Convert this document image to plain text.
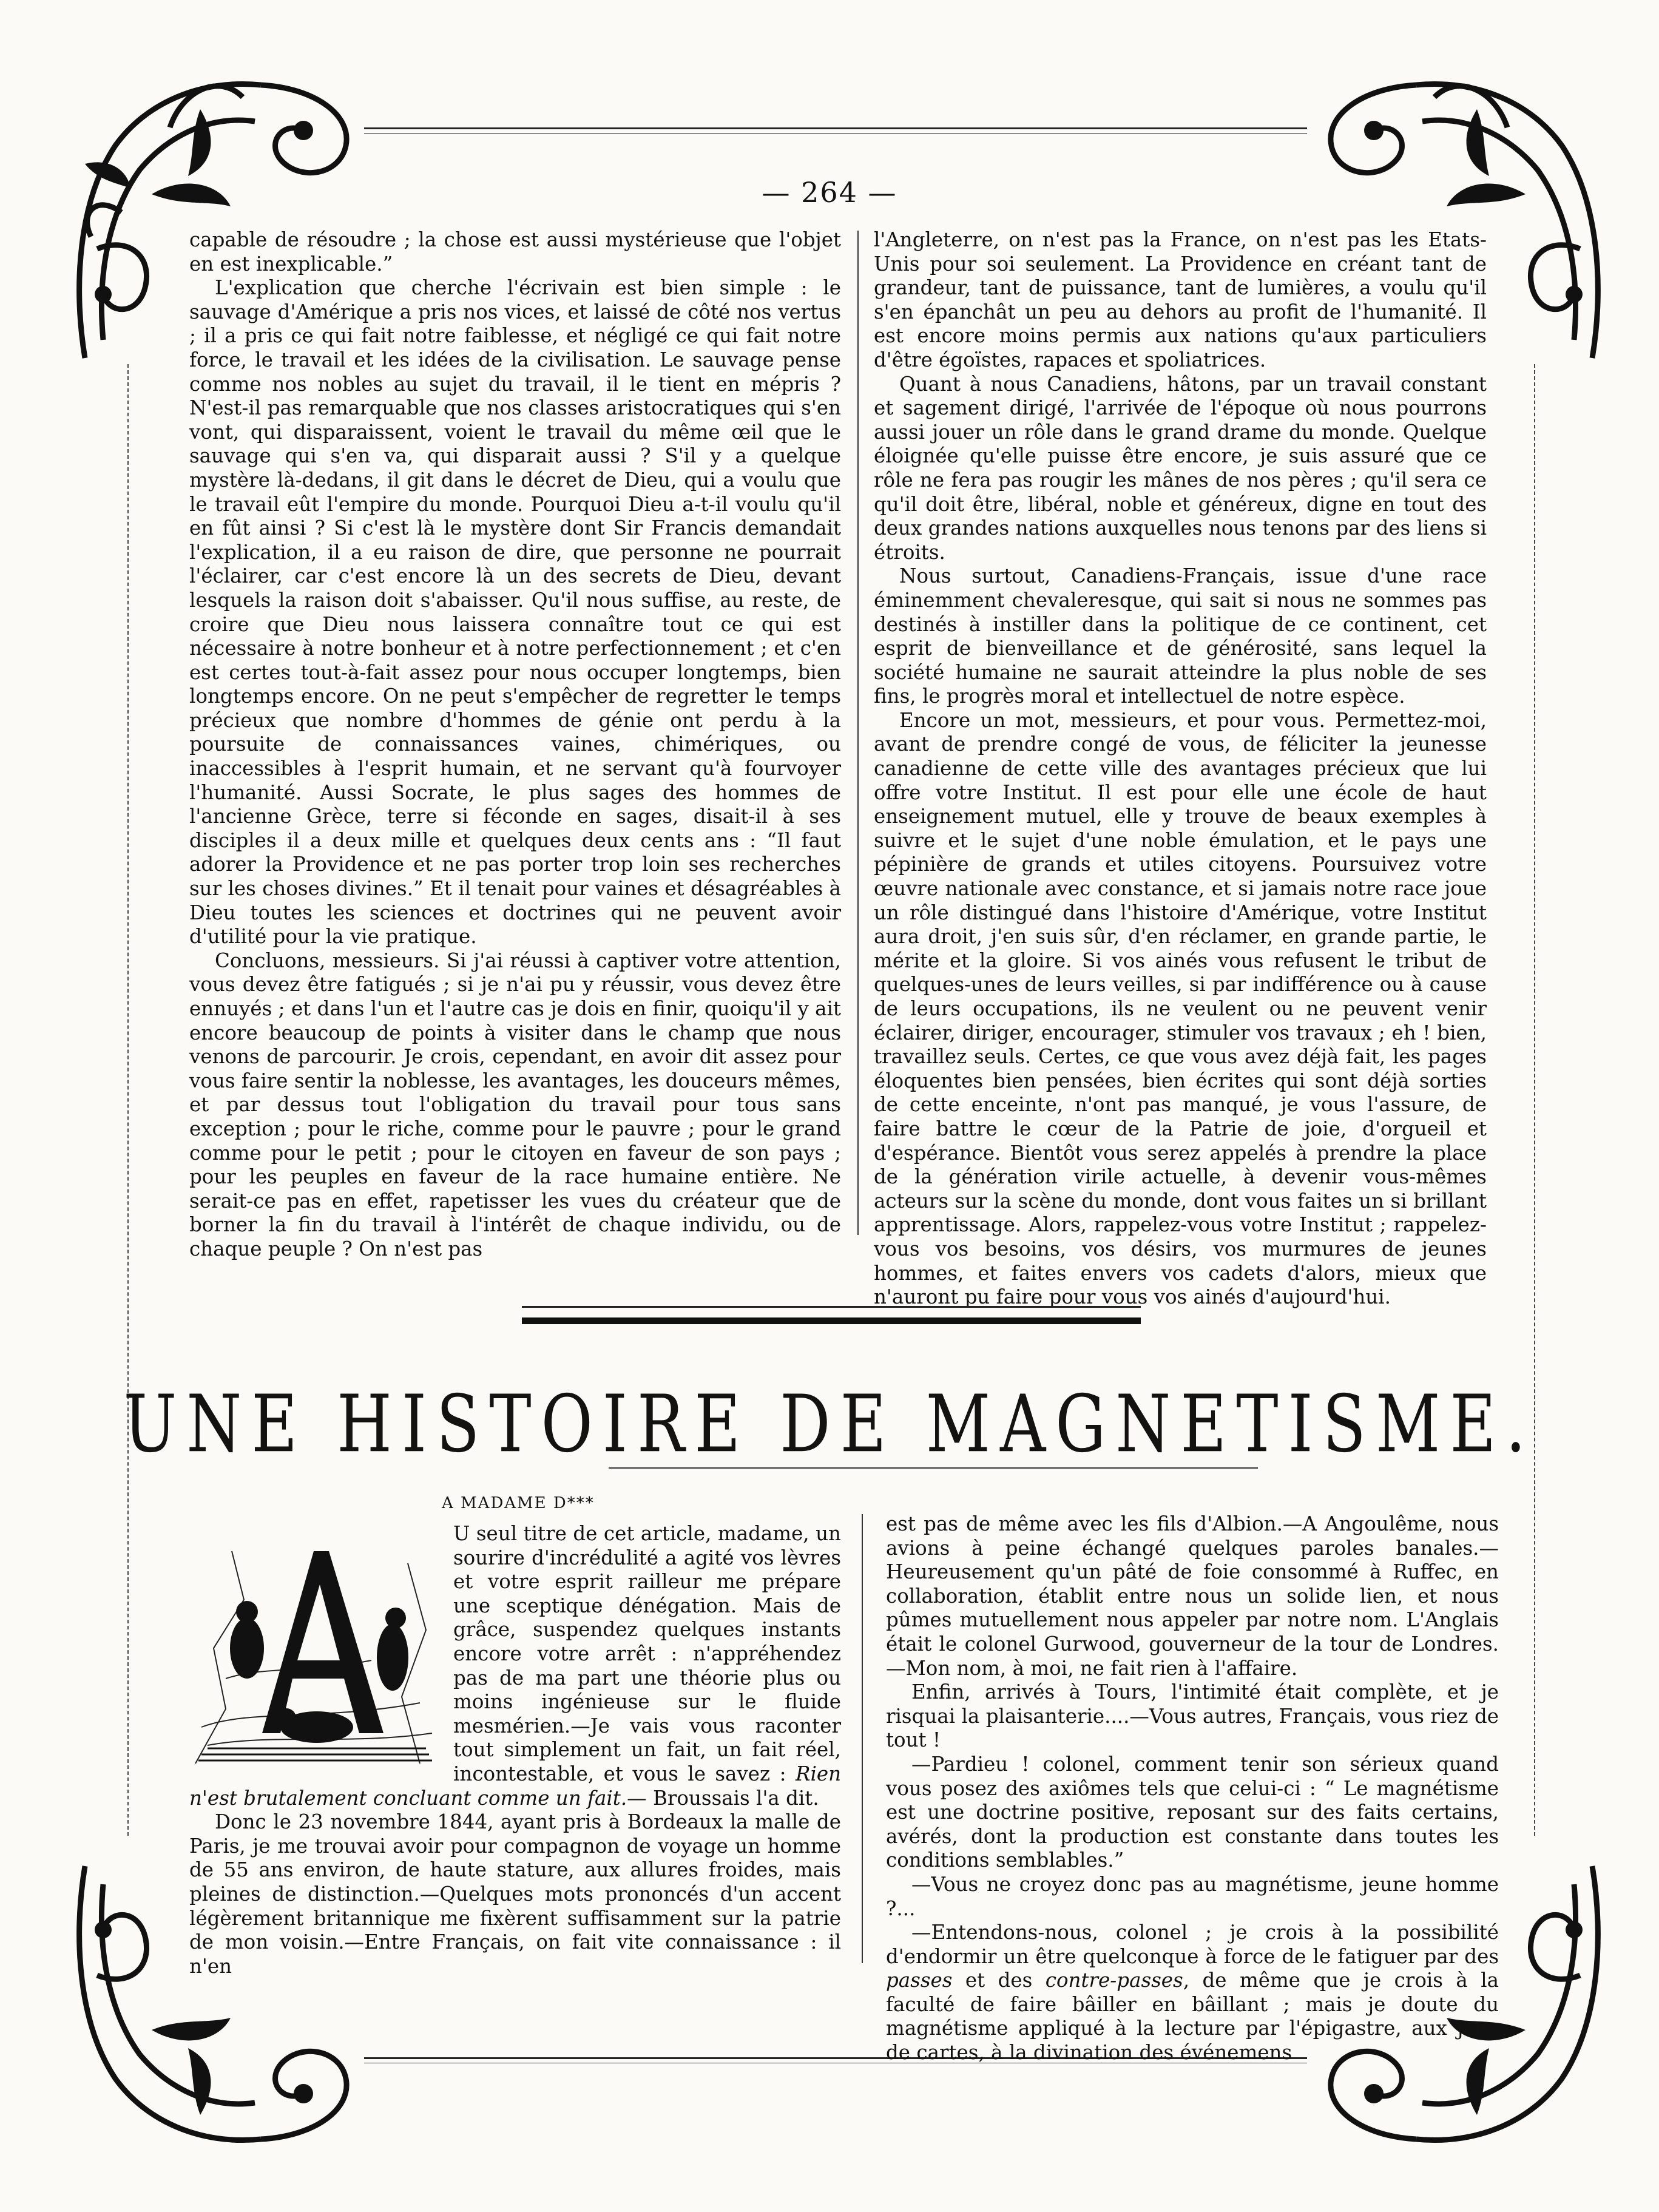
— 264 —

capable de résoudre ; la chose est aussi mystérieuse que l'objet en est inexplicable.”

L'explication que cherche l'écrivain est bien simple : le sauvage d'Amérique a pris nos vices, et laissé de côté nos vertus ; il a pris ce qui fait notre faiblesse, et négligé ce qui fait notre force, le travail et les idées de la civilisation. Le sauvage pense comme nos nobles au sujet du travail, il le tient en mépris ? N'est-il pas remarquable que nos classes aristocratiques qui s'en vont, qui disparaissent, voient le travail du même œil que le sauvage qui s'en va, qui disparait aussi ? S'il y a quelque mystère là-dedans, il git dans le décret de Dieu, qui a voulu que le travail eût l'empire du monde. Pourquoi Dieu a-t-il voulu qu'il en fût ainsi ? Si c'est là le mystère dont Sir Francis demandait l'explication, il a eu raison de dire, que personne ne pourrait l'éclairer, car c'est encore là un des secrets de Dieu, devant lesquels la raison doit s'abaisser. Qu'il nous suffise, au reste, de croire que Dieu nous laissera connaître tout ce qui est nécessaire à notre bonheur et à notre perfectionnement ; et c'en est certes tout-à-fait assez pour nous occuper longtemps, bien longtemps encore. On ne peut s'empêcher de regretter le temps précieux que nombre d'hommes de génie ont perdu à la poursuite de connaissances vaines, chimériques, ou inaccessibles à l'esprit humain, et ne servant qu'à fourvoyer l'humanité. Aussi Socrate, le plus sages des hommes de l'ancienne Grèce, terre si féconde en sages, disait-il à ses disciples il a deux mille et quelques deux cents ans : “Il faut adorer la Providence et ne pas porter trop loin ses recherches sur les choses divines.” Et il tenait pour vaines et désagréables à Dieu toutes les sciences et doctrines qui ne peuvent avoir d'utilité pour la vie pratique.

Concluons, messieurs. Si j'ai réussi à captiver votre attention, vous devez être fatigués ; si je n'ai pu y réussir, vous devez être ennuyés ; et dans l'un et l'autre cas je dois en finir, quoiqu'il y ait encore beaucoup de points à visiter dans le champ que nous venons de parcourir. Je crois, cependant, en avoir dit assez pour vous faire sentir la noblesse, les avantages, les douceurs mêmes, et par dessus tout l'obligation du travail pour tous sans exception ; pour le riche, comme pour le pauvre ; pour le grand comme pour le petit ; pour le citoyen en faveur de son pays ; pour les peuples en faveur de la race humaine entière. Ne serait-ce pas en effet, rapetisser les vues du créateur que de borner la fin du travail à l'intérêt de chaque individu, ou de chaque peuple ? On n'est pas

l'Angleterre, on n'est pas la France, on n'est pas les Etats-Unis pour soi seulement. La Providence en créant tant de grandeur, tant de puissance, tant de lumières, a voulu qu'il s'en épanchât un peu au dehors au profit de l'humanité. Il est encore moins permis aux nations qu'aux particuliers d'être égoïstes, rapaces et spoliatrices.

Quant à nous Canadiens, hâtons, par un travail constant et sagement dirigé, l'arrivée de l'époque où nous pourrons aussi jouer un rôle dans le grand drame du monde. Quelque éloignée qu'elle puisse être encore, je suis assuré que ce rôle ne fera pas rougir les mânes de nos pères ; qu'il sera ce qu'il doit être, libéral, noble et généreux, digne en tout des deux grandes nations auxquelles nous tenons par des liens si étroits.

Nous surtout, Canadiens-Français, issue d'une race éminemment chevaleresque, qui sait si nous ne sommes pas destinés à instiller dans la politique de ce continent, cet esprit de bienveillance et de générosité, sans lequel la société humaine ne saurait atteindre la plus noble de ses fins, le progrès moral et intellectuel de notre espèce.

Encore un mot, messieurs, et pour vous. Permettez-moi, avant de prendre congé de vous, de féliciter la jeunesse canadienne de cette ville des avantages précieux que lui offre votre Institut. Il est pour elle une école de haut enseignement mutuel, elle y trouve de beaux exemples à suivre et le sujet d'une noble émulation, et le pays une pépinière de grands et utiles citoyens. Poursuivez votre œuvre nationale avec constance, et si jamais notre race joue un rôle distingué dans l'histoire d'Amérique, votre Institut aura droit, j'en suis sûr, d'en réclamer, en grande partie, le mérite et la gloire. Si vos ainés vous refusent le tribut de quelques-unes de leurs veilles, si par indifférence ou à cause de leurs occupations, ils ne veulent ou ne peuvent venir éclairer, diriger, encourager, stimuler vos travaux ; eh ! bien, travaillez seuls. Certes, ce que vous avez déjà fait, les pages éloquentes bien pensées, bien écrites qui sont déjà sorties de cette enceinte, n'ont pas manqué, je vous l'assure, de faire battre le cœur de la Patrie de joie, d'orgueil et d'espérance. Bientôt vous serez appelés à prendre la place de la génération virile actuelle, à devenir vous-mêmes acteurs sur la scène du monde, dont vous faites un si brillant apprentissage. Alors, rappelez-vous votre Institut ; rappelez-vous vos besoins, vos désirs, vos murmures de jeunes hommes, et faites envers vos cadets d'alors, mieux que n'auront pu faire pour vous vos ainés d'aujourd'hui.

UNE HISTOIRE DE MAGNETISME.
A MADAME D***

U seul titre de cet article, madame, un sourire d'incrédulité a agité vos lèvres et votre esprit railleur me prépare une sceptique dénégation. Mais de grâce, suspendez quelques instants encore votre arrêt : n'appréhendez pas de ma part une théorie plus ou moins ingénieuse sur le fluide mesmérien.—Je vais vous raconter tout simplement un fait, un fait réel, incontestable, et vous le savez : Rien n'est brutalement concluant comme un fait.— Broussais l'a dit.

Donc le 23 novembre 1844, ayant pris à Bordeaux la malle de Paris, je me trouvai avoir pour compagnon de voyage un homme de 55 ans environ, de haute stature, aux allures froides, mais pleines de distinction.—Quelques mots prononcés d'un accent légèrement britannique me fixèrent suffisamment sur la patrie de mon voisin.—Entre Français, on fait vite connaissance : il n'en

est pas de même avec les fils d'Albion.—A Angoulême, nous avions à peine échangé quelques paroles banales.—Heureusement qu'un pâté de foie consommé à Ruffec, en collaboration, établit entre nous un solide lien, et nous pûmes mutuellement nous appeler par notre nom. L'Anglais était le colonel Gurwood, gouverneur de la tour de Londres.—Mon nom, à moi, ne fait rien à l'affaire.

Enfin, arrivés à Tours, l'intimité était complète, et je risquai la plaisanterie....—Vous autres, Français, vous riez de tout !

—Pardieu ! colonel, comment tenir son sérieux quand vous posez des axiômes tels que celui-ci : “ Le magnétisme est une doctrine positive, reposant sur des faits certains, avérés, dont la production est constante dans toutes les conditions semblables.”

—Vous ne croyez donc pas au magnétisme, jeune homme ?...

—Entendons-nous, colonel ; je crois à la possibilité d'endormir un être quelconque à force de le fatiguer par des passes et des contre-passes, de même que je crois à la faculté de faire bâiller en bâillant ; mais je doute du magnétisme appliqué à la lecture par l'épigastre, aux jeux de cartes, à la divination des événemens
